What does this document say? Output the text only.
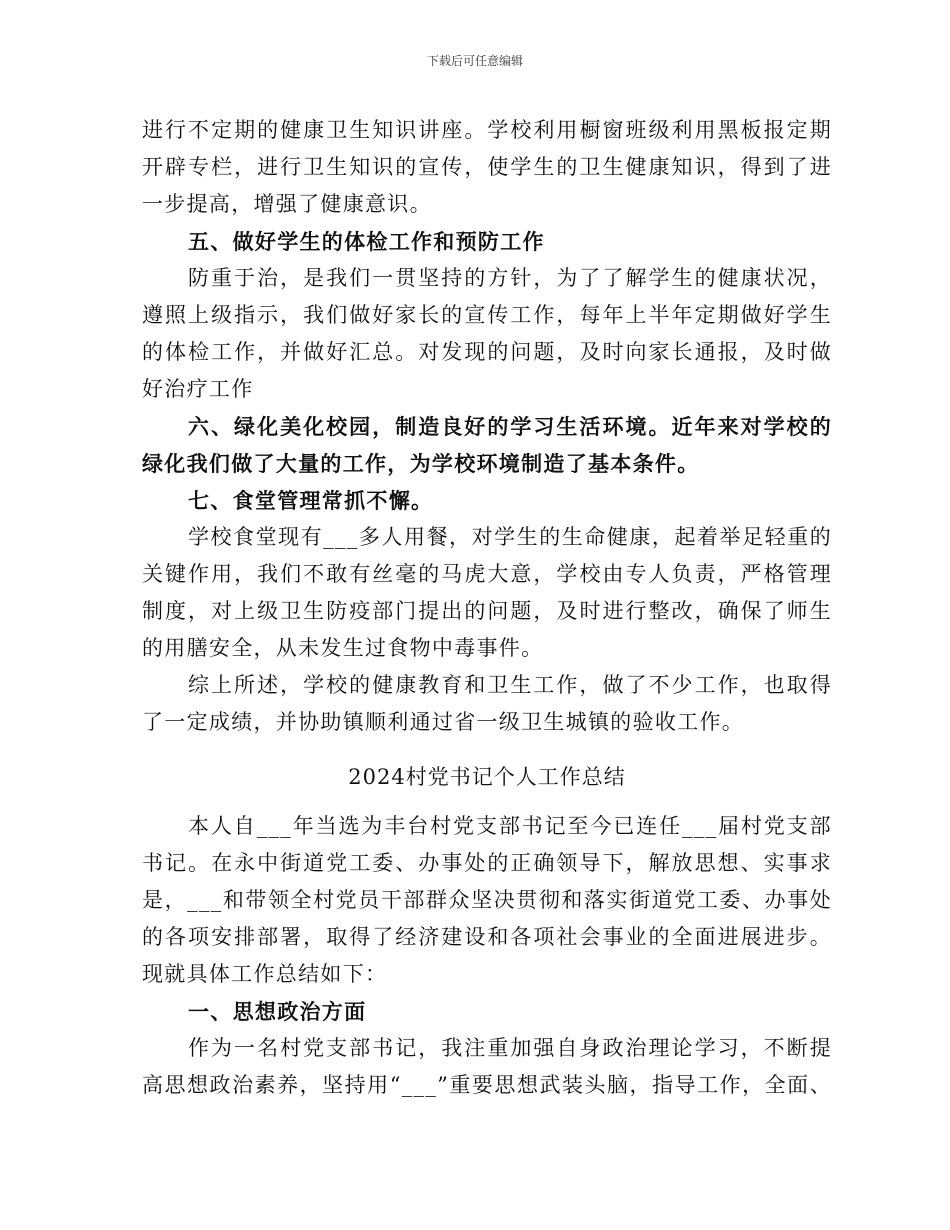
下载后可任意编辑
进行不定期的健康卫生知识讲座。学校利用橱窗班级利用黑板报定期
开辟专栏，进行卫生知识的宣传，使学生的卫生健康知识，得到了进
一步提高，增强了健康意识。
五、做好学生的体检工作和预防工作
防重于治，是我们一贯坚持的方针，为了了解学生的健康状况，
遵照上级指示，我们做好家长的宣传工作，每年上半年定期做好学生
的体检工作，并做好汇总。对发现的问题，及时向家长通报，及时做
好治疗工作
六、绿化美化校园，制造良好的学习生活环境。近年来对学校的
绿化我们做了大量的工作，为学校环境制造了基本条件。
七、食堂管理常抓不懈。
学校食堂现有___多人用餐，对学生的生命健康，起着举足轻重的
关键作用，我们不敢有丝毫的马虎大意，学校由专人负责，严格管理
制度，对上级卫生防疫部门提出的问题，及时进行整改，确保了师生
的用膳安全，从未发生过食物中毒事件。
综上所述，学校的健康教育和卫生工作，做了不少工作，也取得
了一定成绩，并协助镇顺利通过省一级卫生城镇的验收工作。
2024村党书记个人工作总结
本人自___年当选为丰台村党支部书记至今已连任___届村党支部
书记。在永中街道党工委、办事处的正确领导下，解放思想、实事求
是，___和带领全村党员干部群众坚决贯彻和落实街道党工委、办事处
的各项安排部署，取得了经济建设和各项社会事业的全面进展进步。
现就具体工作总结如下：
一、思想政治方面
作为一名村党支部书记，我注重加强自身政治理论学习，不断提
高思想政治素养，坚持用“___”重要思想武装头脑，指导工作，全面、
